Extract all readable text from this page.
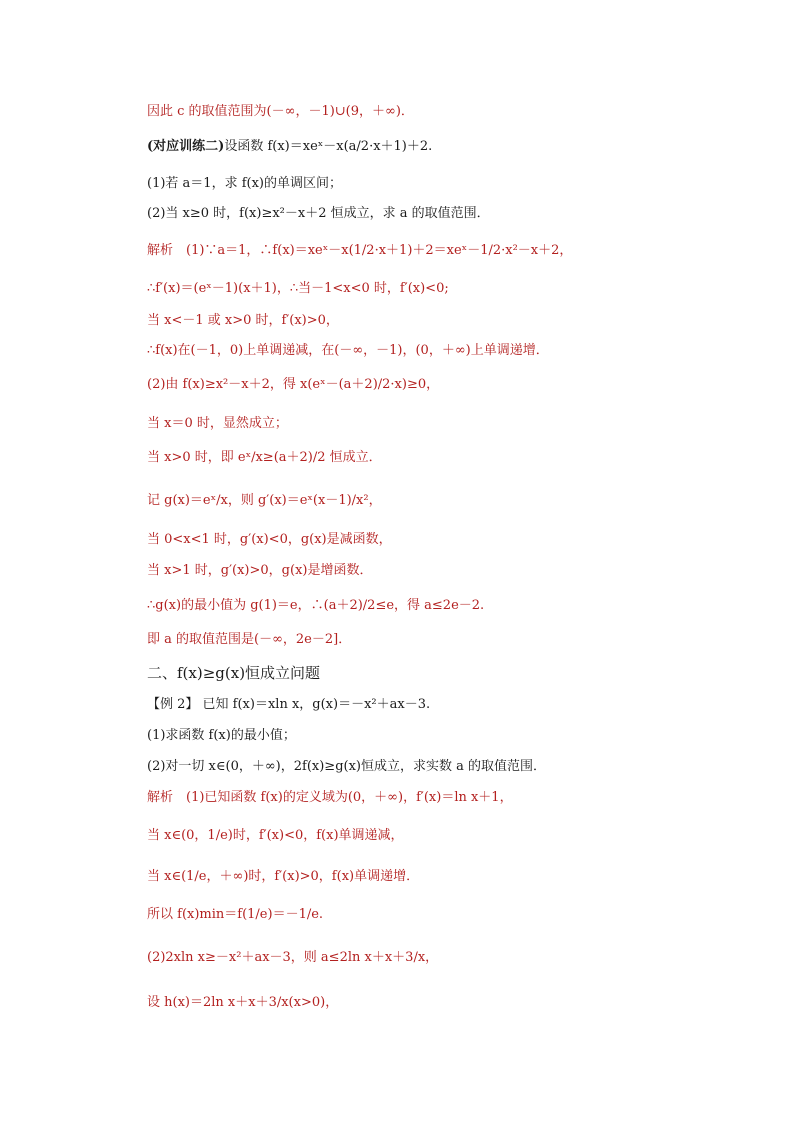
因此 c 的取值范围为(－∞，－1)∪(9，＋∞)．
(对应训练二)设函数 f(x)＝xeˣ－x(a/2·x＋1)＋2.
(1)若 a＝1，求 f(x)的单调区间；
(2)当 x≥0 时，f(x)≥x²－x＋2 恒成立，求 a 的取值范围．
解析　(1)∵a＝1，∴f(x)＝xeˣ－x(1/2·x＋1)＋2＝xeˣ－1/2·x²－x＋2，
∴f′(x)＝(eˣ－1)(x＋1)，∴当－1<x<0 时，f′(x)<0;
当 x<－1 或 x>0 时，f′(x)>0，
∴f(x)在(－1，0)上单调递减，在(－∞，－1)，(0，＋∞)上单调递增．
(2)由 f(x)≥x²－x＋2，得 x(eˣ－(a＋2)/2·x)≥0，
当 x＝0 时，显然成立；
当 x>0 时，即 eˣ/x≥(a＋2)/2 恒成立．
记 g(x)＝eˣ/x，则 g′(x)＝eˣ(x－1)/x²，
当 0<x<1 时，g′(x)<0，g(x)是减函数，
当 x>1 时，g′(x)>0，g(x)是增函数．
∴g(x)的最小值为 g(1)＝e，∴(a＋2)/2≤e，得 a≤2e－2.
即 a 的取值范围是(－∞，2e－2]．
二、f(x)≥g(x)恒成立问题
【例 2】 已知 f(x)＝xln x，g(x)＝－x²＋ax－3.
(1)求函数 f(x)的最小值；
(2)对一切 x∈(0，＋∞)，2f(x)≥g(x)恒成立，求实数 a 的取值范围．
解析　(1)已知函数 f(x)的定义域为(0，＋∞)，f′(x)＝ln x＋1，
当 x∈(0，1/e)时，f′(x)<0，f(x)单调递减，
当 x∈(1/e，＋∞)时，f′(x)>0，f(x)单调递增．
所以 f(x)min＝f(1/e)＝－1/e.
(2)2xln x≥－x²＋ax－3，则 a≤2ln x＋x＋3/x，
设 h(x)＝2ln x＋x＋3/x(x>0)，
